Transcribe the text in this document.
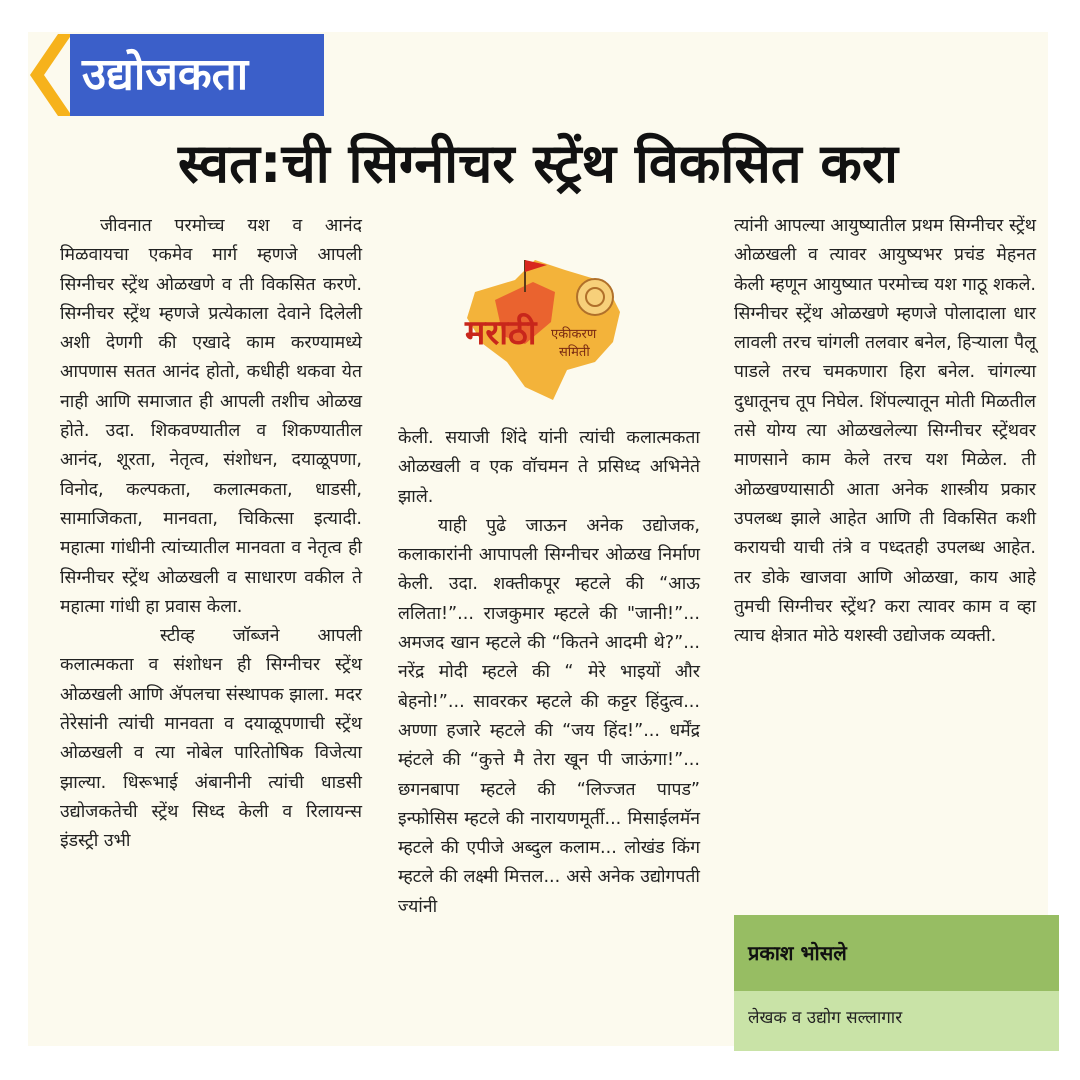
उद्योजकता
स्वत:ची सिग्नीचर स्ट्रेंथ विकसित करा

जीवनात परमोच्च यश व आनंद मिळवायचा एकमेव मार्ग म्हणजे आपली सिग्नीचर स्ट्रेंथ ओळखणे व ती विकसित करणे. सिग्नीचर स्ट्रेंथ म्हणजे प्रत्येकाला देवाने दिलेली अशी देणगी की एखादे काम करण्यामध्ये आपणास सतत आनंद होतो, कधीही थकवा येत नाही आणि समाजात ही आपली तशीच ओळख होते. उदा. शिकवण्यातील व शिकण्यातील आनंद, शूरता, नेतृत्व, संशोधन, दयाळूपणा, विनोद, कल्पकता, कलात्मकता, धाडसी, सामाजिकता, मानवता, चिकित्सा इत्यादी. महात्मा गांधीनी त्यांच्यातील मानवता व नेतृत्व ही सिग्नीचर स्ट्रेंथ ओळखली व साधारण वकील ते महात्मा गांधी हा प्रवास केला.

स्टीव्ह जॉब्जने आपली कलात्मकता व संशोधन ही सिग्नीचर स्ट्रेंथ ओळखली आणि ॲपलचा संस्थापक झाला. मदर तेरेसांनी त्यांची मानवता व दयाळूपणाची स्ट्रेंथ ओळखली व त्या नोबेल पारितोषिक विजेत्या झाल्या. धिरूभाई अंबानीनी त्यांची धाडसी उद्योजकतेची स्ट्रेंथ सिध्द केली व रिलायन्स इंडस्ट्री उभी

मराठी एकीकरण
समिती

केली. सयाजी शिंदे यांनी त्यांची कलात्मकता ओळखली व एक वॉचमन ते प्रसिध्द अभिनेते झाले.

याही पुढे जाऊन अनेक उद्योजक, कलाकारांनी आपापली सिग्नीचर ओळख निर्माण केली. उदा. शक्तीकपूर म्हटले की “आऊ ललिता!”... राजकुमार म्हटले की "जानी!”... अमजद खान म्हटले की “कितने आदमी थे?”... नरेंद्र मोदी म्हटले की “ मेरे भाइयों और बेहनो!”... सावरकर म्हटले की कट्टर हिंदुत्व... अण्णा हजारे म्हटले की “जय हिंद!”... धर्मेंद्र म्हंटले की “कुत्ते मै तेरा खून पी जाऊंगा!”... छगनबापा म्हटले की “लिज्जत पापड” इन्फोसिस म्हटले की नारायणमूर्ती... मिसाईलमॅन म्हटले की एपीजे अब्दुल कलाम... लोखंड किंग म्हटले की लक्ष्मी मित्तल... असे अनेक उद्योगपती ज्यांनी

त्यांनी आपल्या आयुष्यातील प्रथम सिग्नीचर स्ट्रेंथ ओळखली व त्यावर आयुष्यभर प्रचंड मेहनत केली म्हणून आयुष्यात परमोच्च यश गाठू शकले. सिग्नीचर स्ट्रेंथ ओळखणे म्हणजे पोलादाला धार लावली तरच चांगली तलवार बनेल, हिऱ्याला पैलू पाडले तरच चमकणारा हिरा बनेल. चांगल्या दुधातूनच तूप निघेल. शिंपल्यातून मोती मिळतील तसे योग्य त्या ओळखलेल्या सिग्नीचर स्ट्रेंथवर माणसाने काम केले तरच यश मिळेल. ती ओळखण्यासाठी आता अनेक शास्त्रीय प्रकार उपलब्ध झाले आहेत आणि ती विकसित कशी करायची याची तंत्रे व पध्दतही उपलब्ध आहेत. तर डोके खाजवा आणि ओळखा, काय आहे तुमची सिग्नीचर स्ट्रेंथ? करा त्यावर काम व व्हा त्याच क्षेत्रात मोठे यशस्वी उद्योजक व्यक्ती.

प्रकाश भोसले
लेखक व उद्योग सल्लागार
